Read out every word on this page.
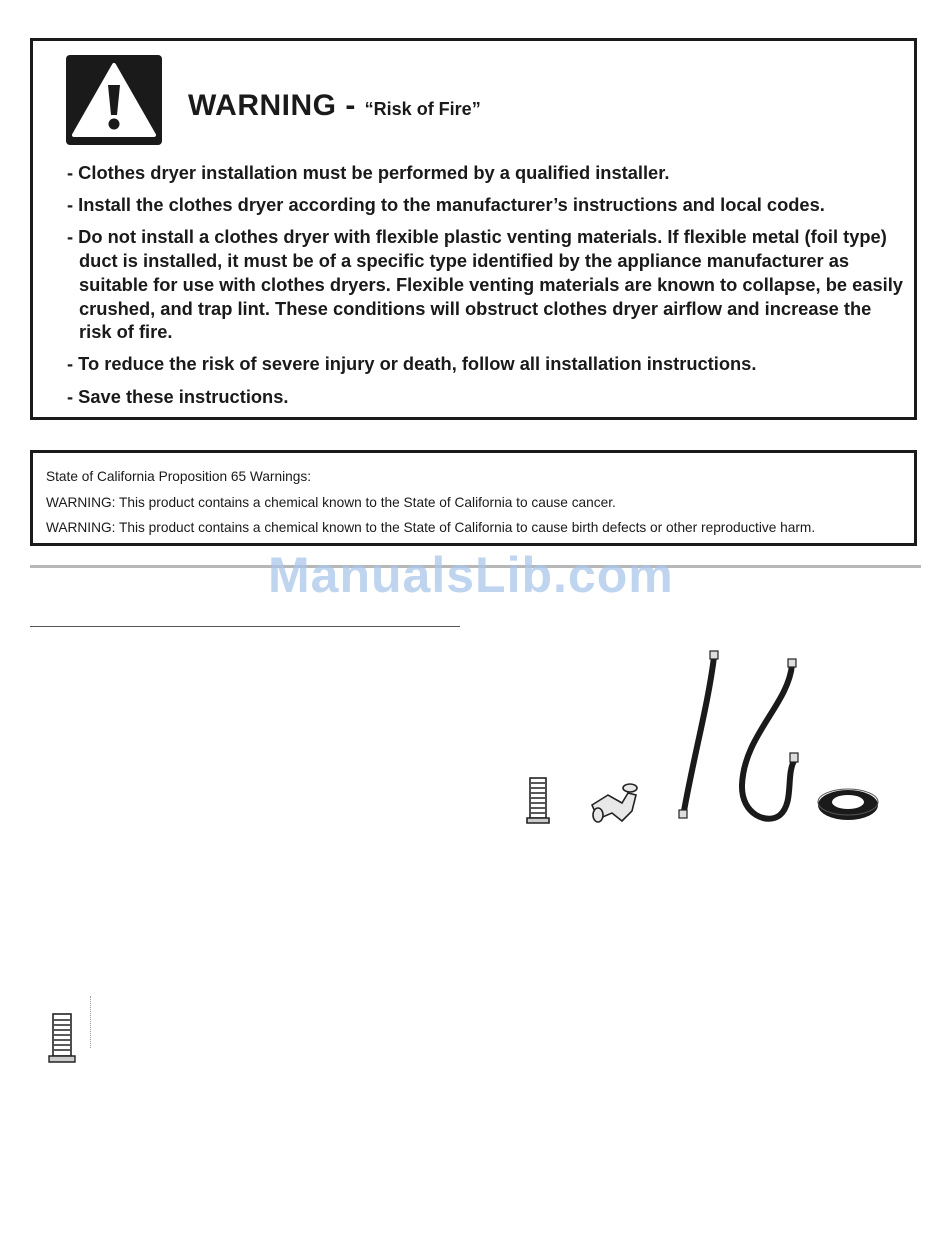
WARNING - “Risk of Fire”
- Clothes dryer installation must be performed by a qualified installer.
- Install the clothes dryer according to the manufacturer’s instructions and local codes.
- Do not install a clothes dryer with flexible plastic venting materials. If flexible metal (foil type) duct is installed, it must be of a specific type identified by the appliance manufacturer as suitable for use with clothes dryers. Flexible venting materials are known to collapse, be easily crushed, and trap lint. These conditions will obstruct clothes dryer airflow and increase the risk of fire.
- To reduce the risk of severe injury or death, follow all installation instructions.
- Save these instructions.

State of California Proposition 65 Warnings:

WARNING: This product contains a chemical known to the State of California to cause cancer.

WARNING: This product contains a chemical known to the State of California to cause birth defects or other reproductive harm.

ManualsLib.com
